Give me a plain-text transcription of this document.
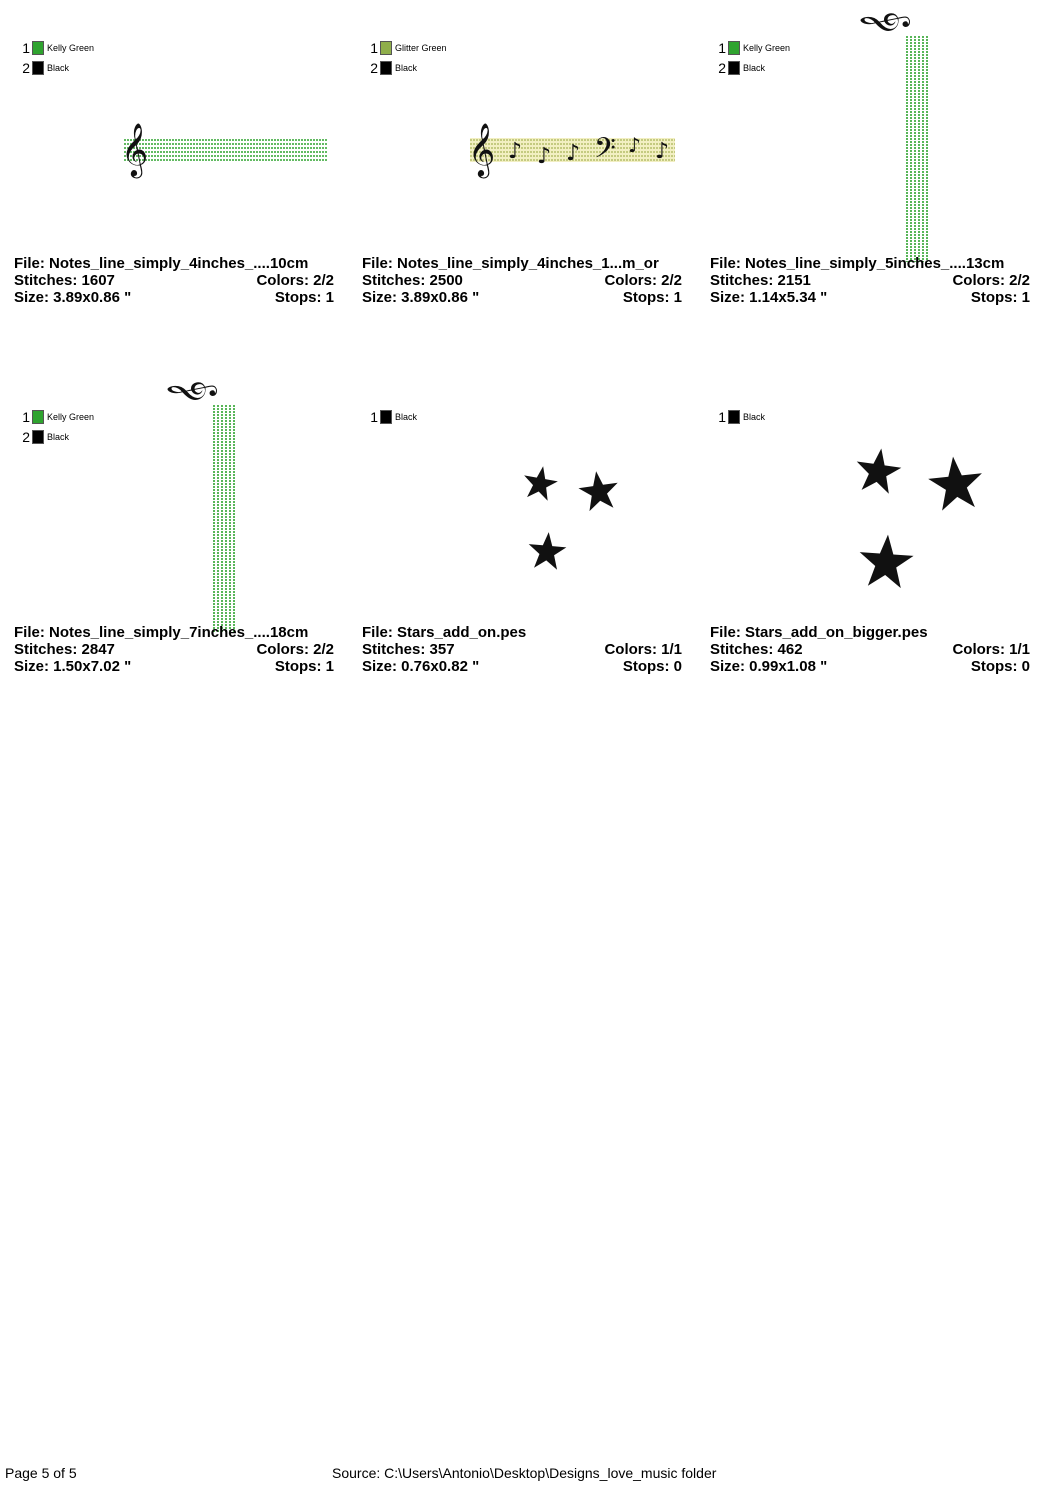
1 Kelly Green
2 Black
𝄞
File: Notes_line_simply_4inches_....10cm
Stitches: 1607	Colors: 2/2
Size: 3.89x0.86 "	Stops: 1
1 Glitter Green
2 Black
𝄞 ♪ ♪ ♪ 𝄢 ♪ ♪
File: Notes_line_simply_4inches_1...m_or
Stitches: 2500	Colors: 2/2
Size: 3.89x0.86 "	Stops: 1
1 Kelly Green
2 Black
𝄞
File: Notes_line_simply_5inches_....13cm
Stitches: 2151	Colors: 2/2
Size: 1.14x5.34 "	Stops: 1
1 Kelly Green
2 Black
𝄞
File: Notes_line_simply_7inches_....18cm
Stitches: 2847	Colors: 2/2
Size: 1.50x7.02 "	Stops: 1
1 Black
File: Stars_add_on.pes
Stitches: 357	Colors: 1/1
Size: 0.76x0.82 "	Stops: 0
1 Black
File: Stars_add_on_bigger.pes
Stitches: 462	Colors: 1/1
Size: 0.99x1.08 "	Stops: 0
Page 5 of 5	Source: C:\Users\Antonio\Desktop\Designs_love_music folder
